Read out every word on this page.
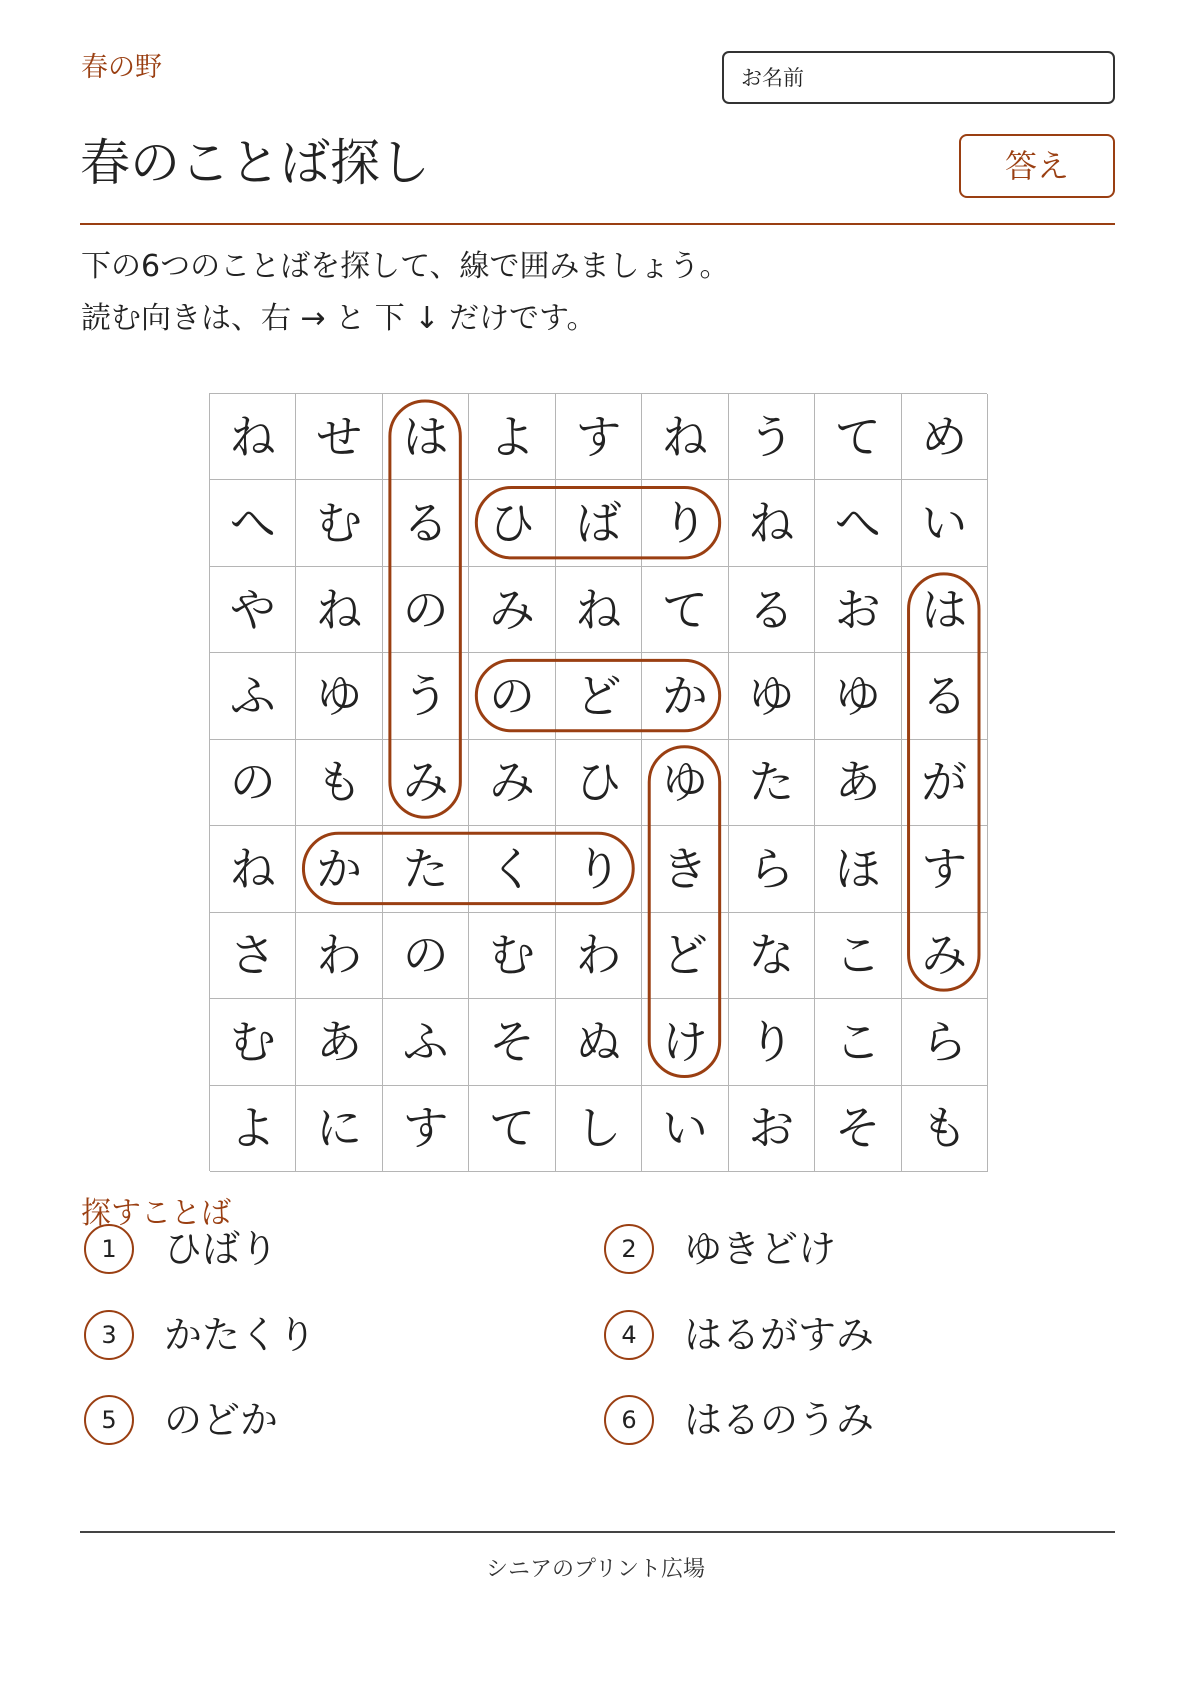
春の野	お名前
春のことば探し	答え
下の6つのことばを探して、線で囲みましょう。
読む向きは、右 → と 下 ↓ だけです。
ね せ は よ す ね う て め
へ む る ひ ば り ね へ い
や ね の み ね て る お は
ふ ゆ う の ど か ゆ ゆ る
の も み み ひ ゆ た あ が
ね か た く り き ら ほ す
さ わ の む わ ど な こ み
む あ ふ そ ぬ け り こ ら
よ に す て し い お そ も
探すことば
1	ひばり	2	ゆきどけ
3	かたくり	4	はるがすみ
5	のどか	6	はるのうみ
シニアのプリント広場
